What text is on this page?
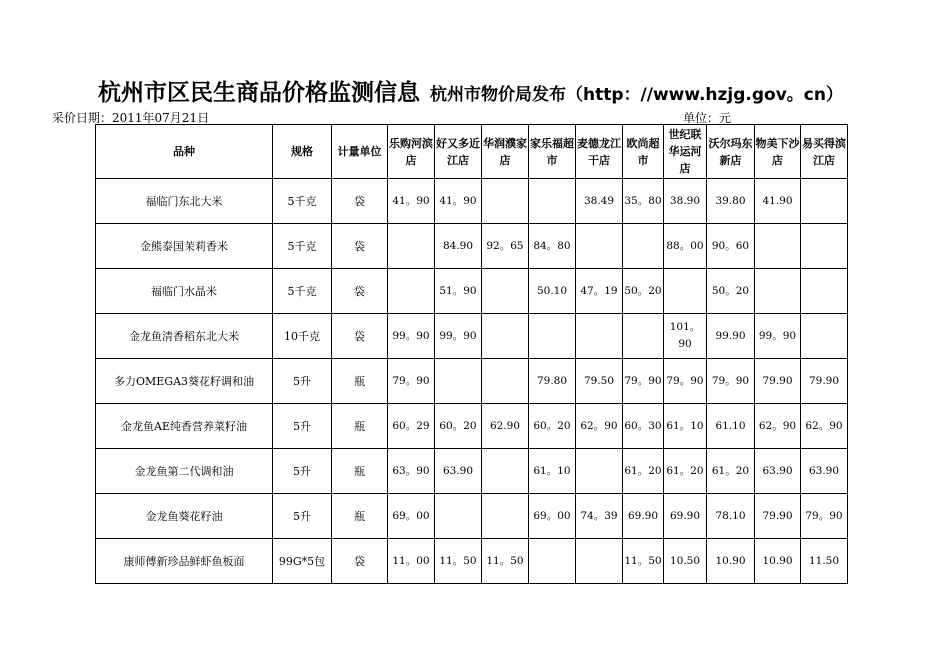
杭州市区民生商品价格监测信息 杭州市物价局发布（http：//www.hzjg.gov。cn）
采价日期：2011年07月21日	单位：元
品种	规格	计量单位	乐购河滨店	好又多近江店	华润濮家店	家乐福超市	麦德龙江干店	欧尚超市	世纪联华运河店	沃尔玛东新店	物美下沙店	易买得滨江店
福临门东北大米	5千克	袋	41。90	41。90			38.49	35。80	38.90	39.80	41.90	
金熊泰国茉莉香米	5千克	袋		84.90	92。65	84。80			88。00	90。60		
福临门水晶米	5千克	袋		51。90		50.10	47。19	50。20		50。20		
金龙鱼清香稻东北大米	10千克	袋	99。90	99。90					101。90	99.90	99。90	
多力OMEGA3葵花籽调和油	5升	瓶	79。90			79.80	79.50	79。90	79。90	79。90	79.90	79.90
金龙鱼AE纯香营养菜籽油	5升	瓶	60。29	60。20	62.90	60。20	62。90	60。30	61。10	61.10	62。90	62。90
金龙鱼第二代调和油	5升	瓶	63。90	63.90		61。10		61。20	61。20	61。20	63.90	63.90
金龙鱼葵花籽油	5升	瓶	69。00			69。00	74。39	69.90	69.90	78.10	79.90	79。90
康师傅新珍品鲜虾鱼板面	99G*5包	袋	11。00	11。50	11。50			11。50	10.50	10.90	10.90	11.50
